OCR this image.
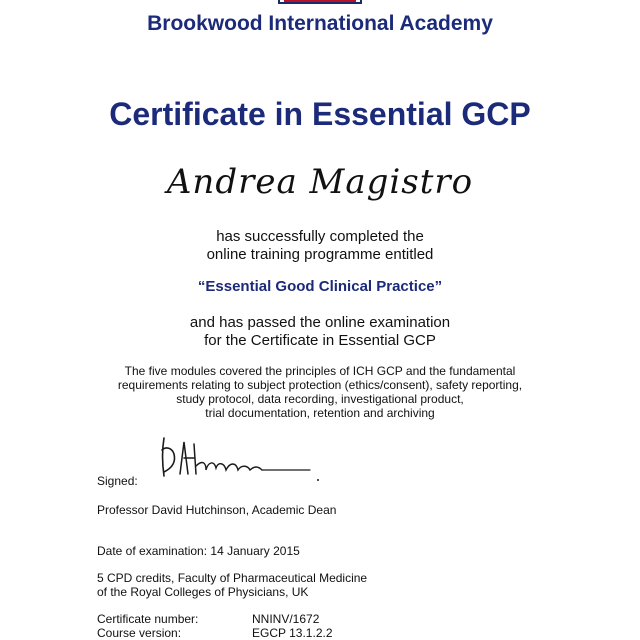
Brookwood International Academy
Certificate in Essential GCP
Andrea Magistro
has successfully completed the
online training programme entitled
“Essential Good Clinical Practice”
and has passed the online examination
for the Certificate in Essential GCP
The five modules covered the principles of ICH GCP and the fundamental
requirements relating to subject protection (ethics/consent), safety reporting,
study protocol, data recording, investigational product,
trial documentation, retention and archiving
Signed:
Professor David Hutchinson, Academic Dean
Date of examination: 14 January 2015
5 CPD credits, Faculty of Pharmaceutical Medicine
of the Royal Colleges of Physicians, UK
Certificate number:	NNINV/1672
Course version:	EGCP 13.1.2.2
